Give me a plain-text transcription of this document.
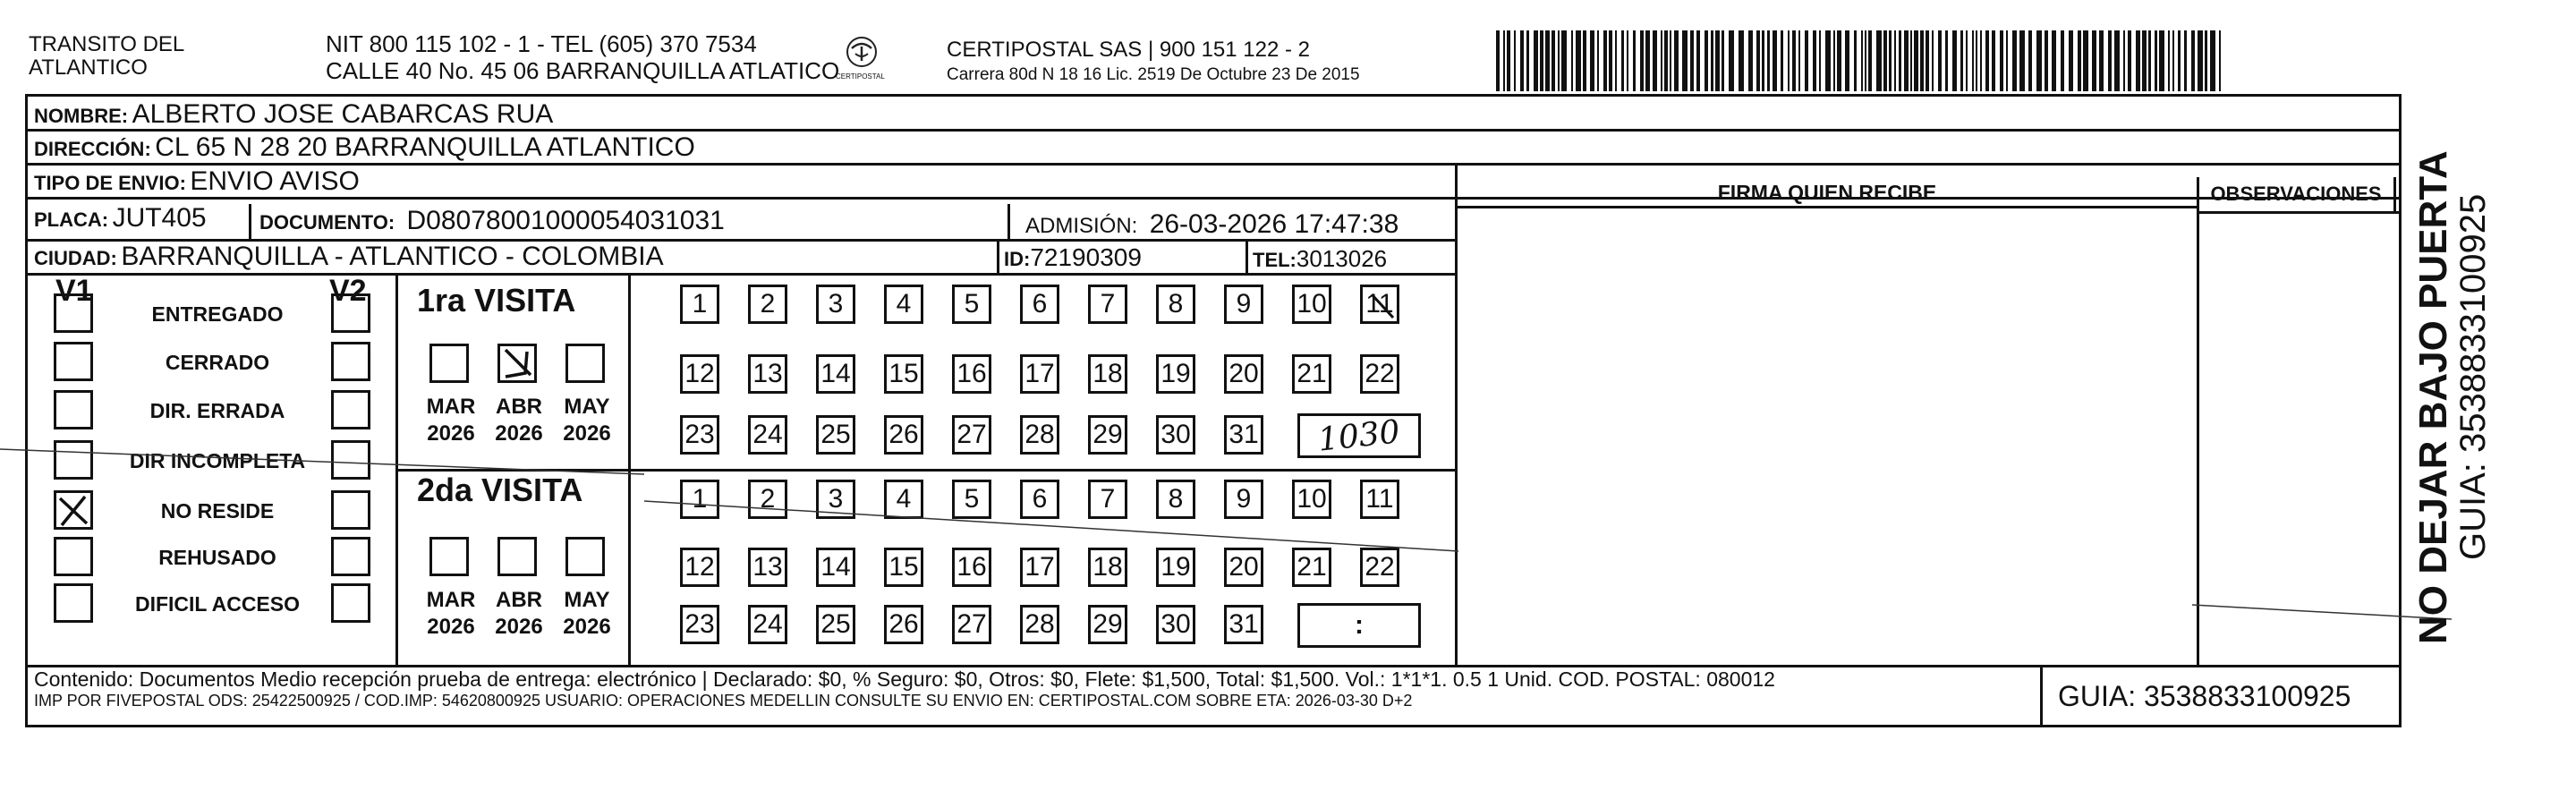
TRANSITO DEL
ATLANTICO
NIT 800 115 102 - 1 - TEL (605) 370 7534
CALLE 40 No. 45 06 BARRANQUILLA ATLATICO
CERTIPOSTAL
CERTIPOSTAL SAS | 900 151 122 - 2
Carrera 80d N 18 16 Lic. 2519 De Octubre 23 De 2015
NOMBRE: ALBERTO JOSE CABARCAS RUA
DIRECCIÓN: CL 65 N 28 20 BARRANQUILLA ATLANTICO
TIPO DE ENVIO: ENVIO AVISO
PLACA: JUT405	DOCUMENTO: D08078001000054031031	ADMISIÓN: 26-03-2026 17:47:38
CIUDAD: BARRANQUILLA - ATLANTICO - COLOMBIA	ID:72190309	TEL:3013026
FIRMA QUIEN RECIBE	OBSERVACIONES
V1	V2 1ra VISITA
2da VISITA
ENTREGADO
CERRADO
DIR. ERRADA
DIR INCOMPLETA
NO RESIDE
REHUSADO
DIFICIL ACCESO
MAR
2026
ABR
2026
MAY
2026
MAR
2026
ABR
2026
MAY
2026
1 2 3 4 5 6 7 8 9 10 11
12 13 14 15 16 17 18 19 20 21 22
23 24 25 26 27 28 29 30 31
1 2 3 4 5 6 7 8 9 10 11
12 13 14 15 16 17 18 19 20 21 22
23 24 25 26 27 28 29 30 31
1030
:
Contenido: Documentos Medio recepción prueba de entrega: electrónico | Declarado: $0, % Seguro: $0, Otros: $0, Flete: $1,500, Total: $1,500. Vol.: 1*1*1. 0.5 1 Unid. COD. POSTAL: 080012
IMP POR FIVEPOSTAL ODS: 25422500925 / COD.IMP: 54620800925 USUARIO: OPERACIONES MEDELLIN CONSULTE SU ENVIO EN: CERTIPOSTAL.COM SOBRE ETA: 2026-03-30 D+2	GUIA: 3538833100925
NO DEJAR BAJO PUERTA
GUIA: 3538833100925
